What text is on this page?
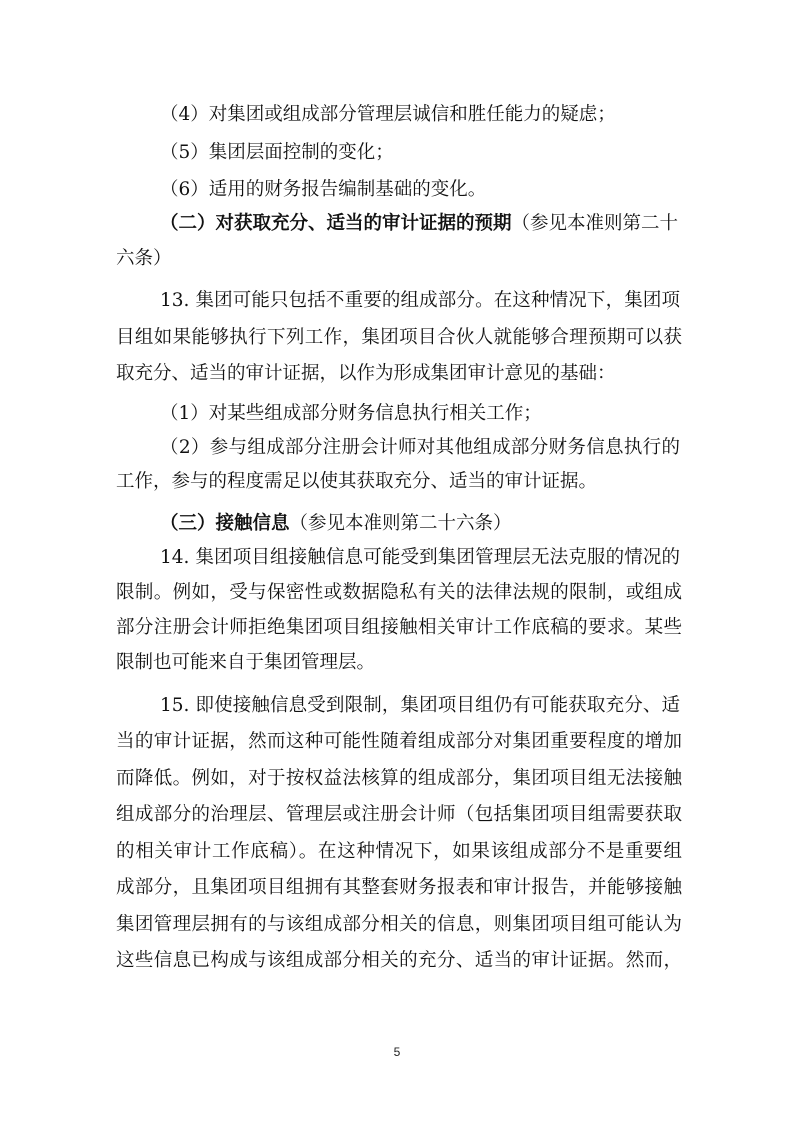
（4）对集团或组成部分管理层诚信和胜任能力的疑虑；
（5）集团层面控制的变化；
（6）适用的财务报告编制基础的变化。
（二）对获取充分、适当的审计证据的预期（参见本准则第二十
六条）
13. 集团可能只包括不重要的组成部分。在这种情况下，集团项
目组如果能够执行下列工作，集团项目合伙人就能够合理预期可以获
取充分、适当的审计证据，以作为形成集团审计意见的基础：
（1）对某些组成部分财务信息执行相关工作；
（2）参与组成部分注册会计师对其他组成部分财务信息执行的
工作，参与的程度需足以使其获取充分、适当的审计证据。
（三）接触信息（参见本准则第二十六条）
14. 集团项目组接触信息可能受到集团管理层无法克服的情况的
限制。例如，受与保密性或数据隐私有关的法律法规的限制，或组成
部分注册会计师拒绝集团项目组接触相关审计工作底稿的要求。某些
限制也可能来自于集团管理层。
15. 即使接触信息受到限制，集团项目组仍有可能获取充分、适
当的审计证据，然而这种可能性随着组成部分对集团重要程度的增加
而降低。例如，对于按权益法核算的组成部分，集团项目组无法接触
组成部分的治理层、管理层或注册会计师（包括集团项目组需要获取
的相关审计工作底稿）。在这种情况下，如果该组成部分不是重要组
成部分，且集团项目组拥有其整套财务报表和审计报告，并能够接触
集团管理层拥有的与该组成部分相关的信息，则集团项目组可能认为
这些信息已构成与该组成部分相关的充分、适当的审计证据。然而，
5
